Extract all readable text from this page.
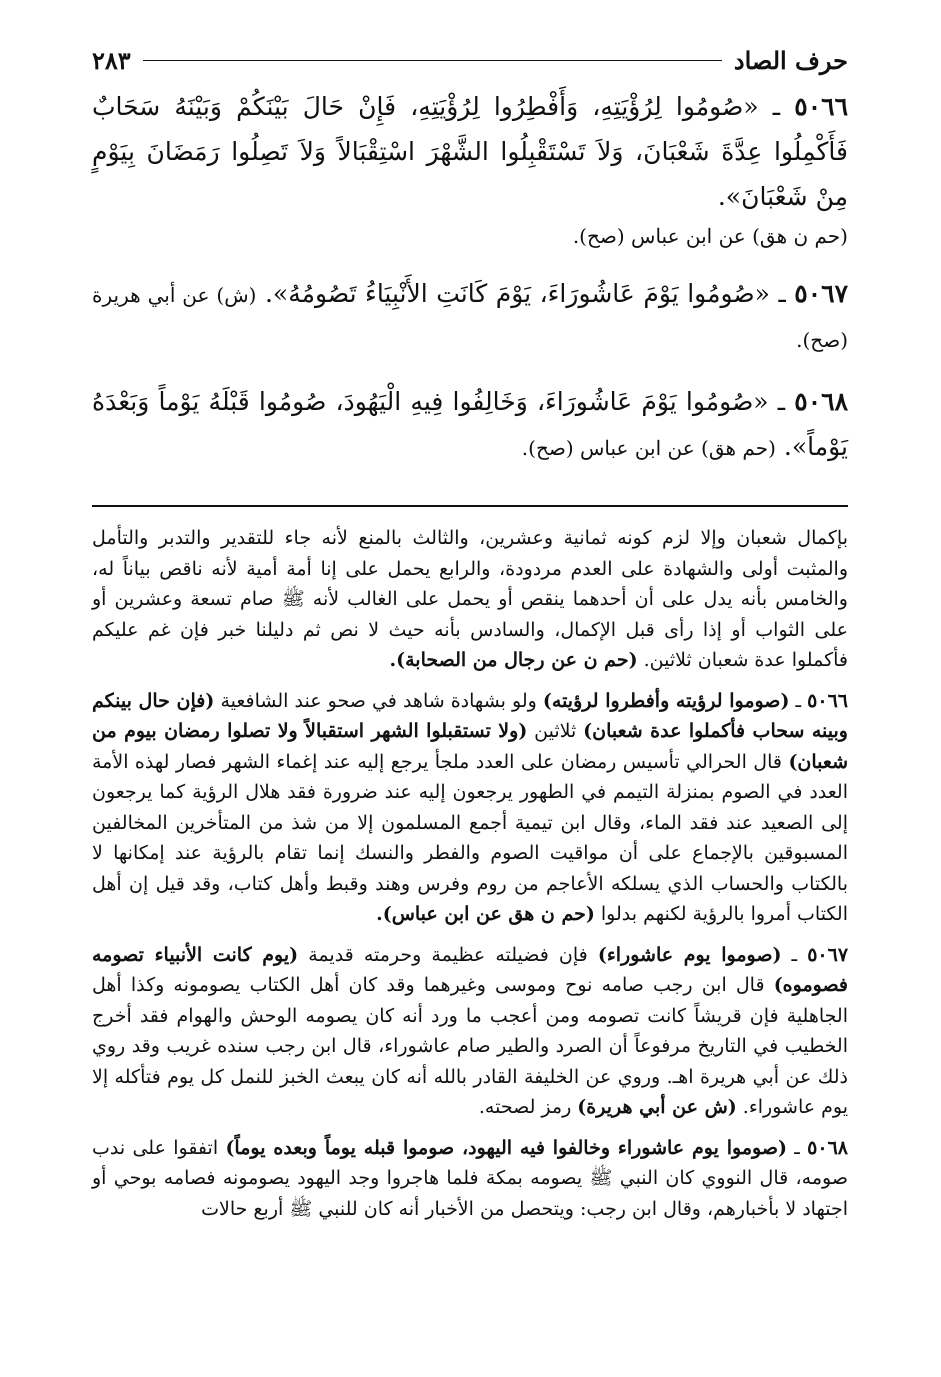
حرف الصاد
٢٨٣
٥٠٦٦ ـ «صُومُوا لِرُؤْيَتِهِ، وَأَفْطِرُوا لِرُؤْيَتِهِ، فَإِنْ حَالَ بَيْنَكُمْ وَبَيْنَهُ سَحَابٌ فَأَكْمِلُوا عِدَّةَ شَعْبَانَ، وَلاَ تَسْتَقْبِلُوا الشَّهْرَ اسْتِقْبَالاً وَلاَ تَصِلُوا رَمَضَانَ بِيَوْمٍ مِنْ شَعْبَانَ».
(حم ن هق) عن ابن عباس (صح).
٥٠٦٧ ـ «صُومُوا يَوْمَ عَاشُورَاءَ، يَوْمَ كَانَتِ الأَنْبِيَاءُ تَصُومُهُ». (ش) عن أبي هريرة (صح).
٥٠٦٨ ـ «صُومُوا يَوْمَ عَاشُورَاءَ، وَخَالِفُوا فِيهِ الْيَهُودَ، صُومُوا قَبْلَهُ يَوْماً وَبَعْدَهُ يَوْماً». (حم هق) عن ابن عباس (صح).

بإكمال شعبان وإلا لزم كونه ثمانية وعشرين، والثالث بالمنع لأنه جاء للتقدير والتدبر والتأمل والمثبت أولى والشهادة على العدم مردودة، والرابع يحمل على إنا أمة أمية لأنه ناقص بياناً له، والخامس بأنه يدل على أن أحدهما ينقص أو يحمل على الغالب لأنه ﷺ صام تسعة وعشرين أو على الثواب أو إذا رأى قبل الإكمال، والسادس بأنه حيث لا نص ثم دليلنا خبر فإن غم عليكم فأكملوا عدة شعبان ثلاثين. (حم ن عن رجال من الصحابة).

٥٠٦٦ ـ (صوموا لرؤيته وأفطروا لرؤيته) ولو بشهادة شاهد في صحو عند الشافعية (فإن حال بينكم وبينه سحاب فأكملوا عدة شعبان) ثلاثين (ولا تستقبلوا الشهر استقبالاً ولا تصلوا رمضان بيوم من شعبان) قال الحرالي تأسيس رمضان على العدد ملجأ يرجع إليه عند إغماء الشهر فصار لهذه الأمة العدد في الصوم بمنزلة التيمم في الطهور يرجعون إليه عند ضرورة فقد هلال الرؤية كما يرجعون إلى الصعيد عند فقد الماء، وقال ابن تيمية أجمع المسلمون إلا من شذ من المتأخرين المخالفين المسبوقين بالإجماع على أن مواقيت الصوم والفطر والنسك إنما تقام بالرؤية عند إمكانها لا بالكتاب والحساب الذي يسلكه الأعاجم من روم وفرس وهند وقبط وأهل كتاب، وقد قيل إن أهل الكتاب أمروا بالرؤية لكنهم بدلوا (حم ن هق عن ابن عباس).

٥٠٦٧ ـ (صوموا يوم عاشوراء) فإن فضيلته عظيمة وحرمته قديمة (يوم كانت الأنبياء تصومه فصوموه) قال ابن رجب صامه نوح وموسى وغيرهما وقد كان أهل الكتاب يصومونه وكذا أهل الجاهلية فإن قريشاً كانت تصومه ومن أعجب ما ورد أنه كان يصومه الوحش والهوام فقد أخرج الخطيب في التاريخ مرفوعاً أن الصرد والطير صام عاشوراء، قال ابن رجب سنده غريب وقد روي ذلك عن أبي هريرة اهـ. وروي عن الخليفة القادر بالله أنه كان يبعث الخبز للنمل كل يوم فتأكله إلا يوم عاشوراء. (ش عن أبي هريرة) رمز لصحته.

٥٠٦٨ ـ (صوموا يوم عاشوراء وخالفوا فيه اليهود، صوموا قبله يوماً وبعده يوماً) اتفقوا على ندب صومه، قال النووي كان النبي ﷺ يصومه بمكة فلما هاجروا وجد اليهود يصومونه فصامه بوحي أو اجتهاد لا بأخبارهم، وقال ابن رجب: ويتحصل من الأخبار أنه كان للنبي ﷺ أربع حالات
